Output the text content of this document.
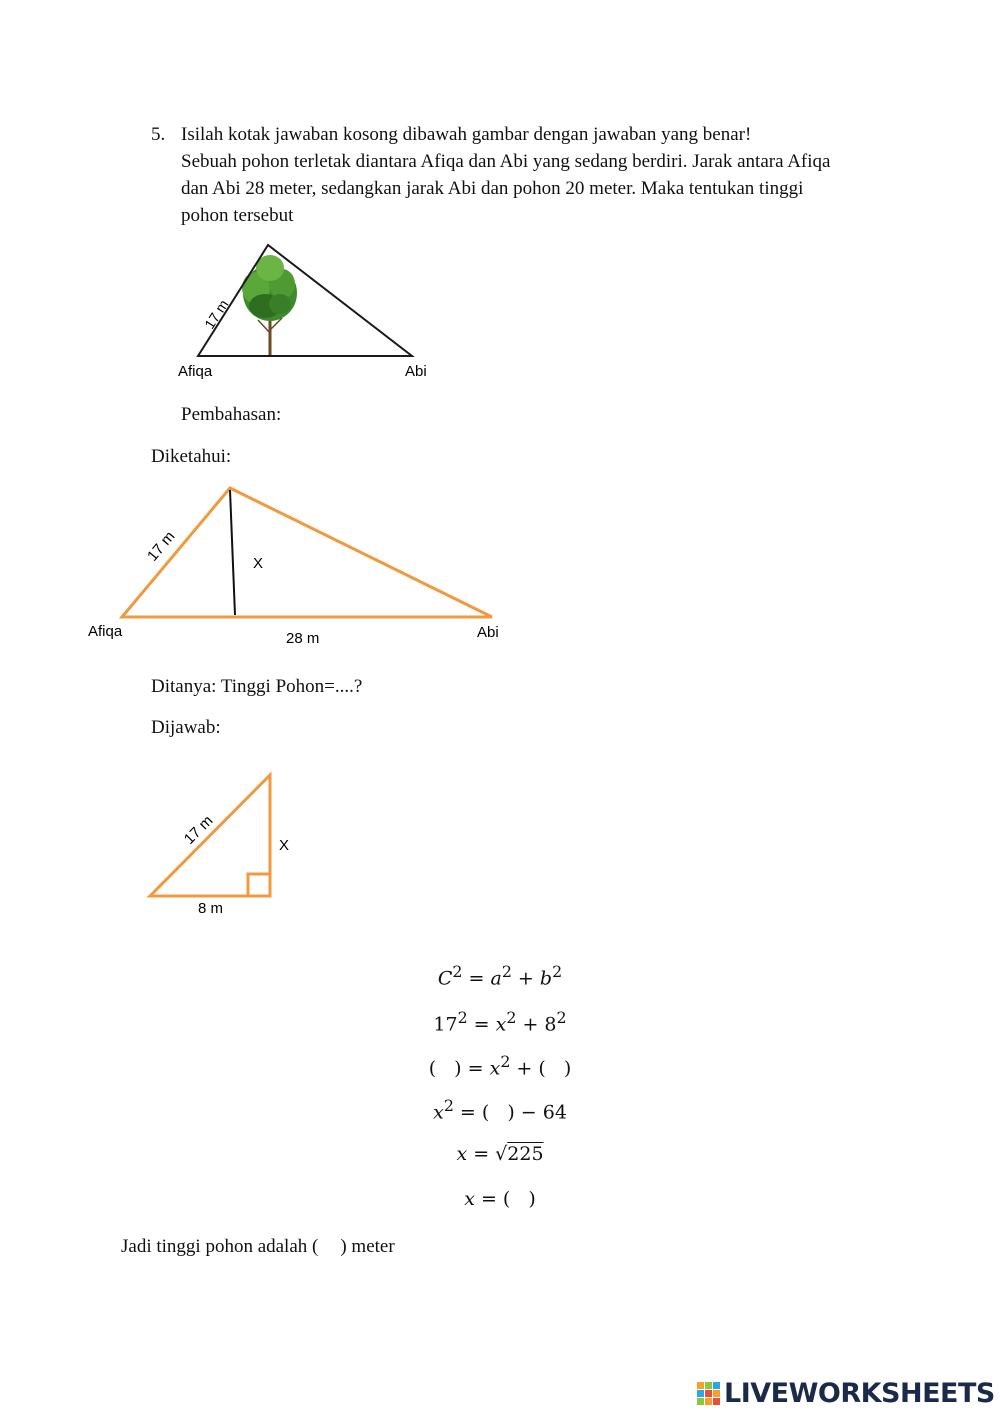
5. Isilah kotak jawaban kosong dibawah gambar dengan jawaban yang benar!
Sebuah pohon terletak diantara Afiqa dan Abi yang sedang berdiri. Jarak antara Afiqa
dan Abi 28 meter, sedangkan jarak Abi dan pohon 20 meter. Maka tentukan tinggi
pohon tersebut
17 m
Afiqa	Abi
Pembahasan:
Diketahui:
17 m	X
28 m
Afiqa	Abi
Ditanya: Tinggi Pohon=....?
Dijawab:
17 m	X
8 m
$C^2 = a^2 + b^2$
$17^2 = x^2 + 8^2$
( ) = $x^2$ + ( )
$x^2$ = ( ) − 64
x = √225
x = ( )
Jadi tinggi pohon adalah ( ) meter
LIVEWORKSHEETS
